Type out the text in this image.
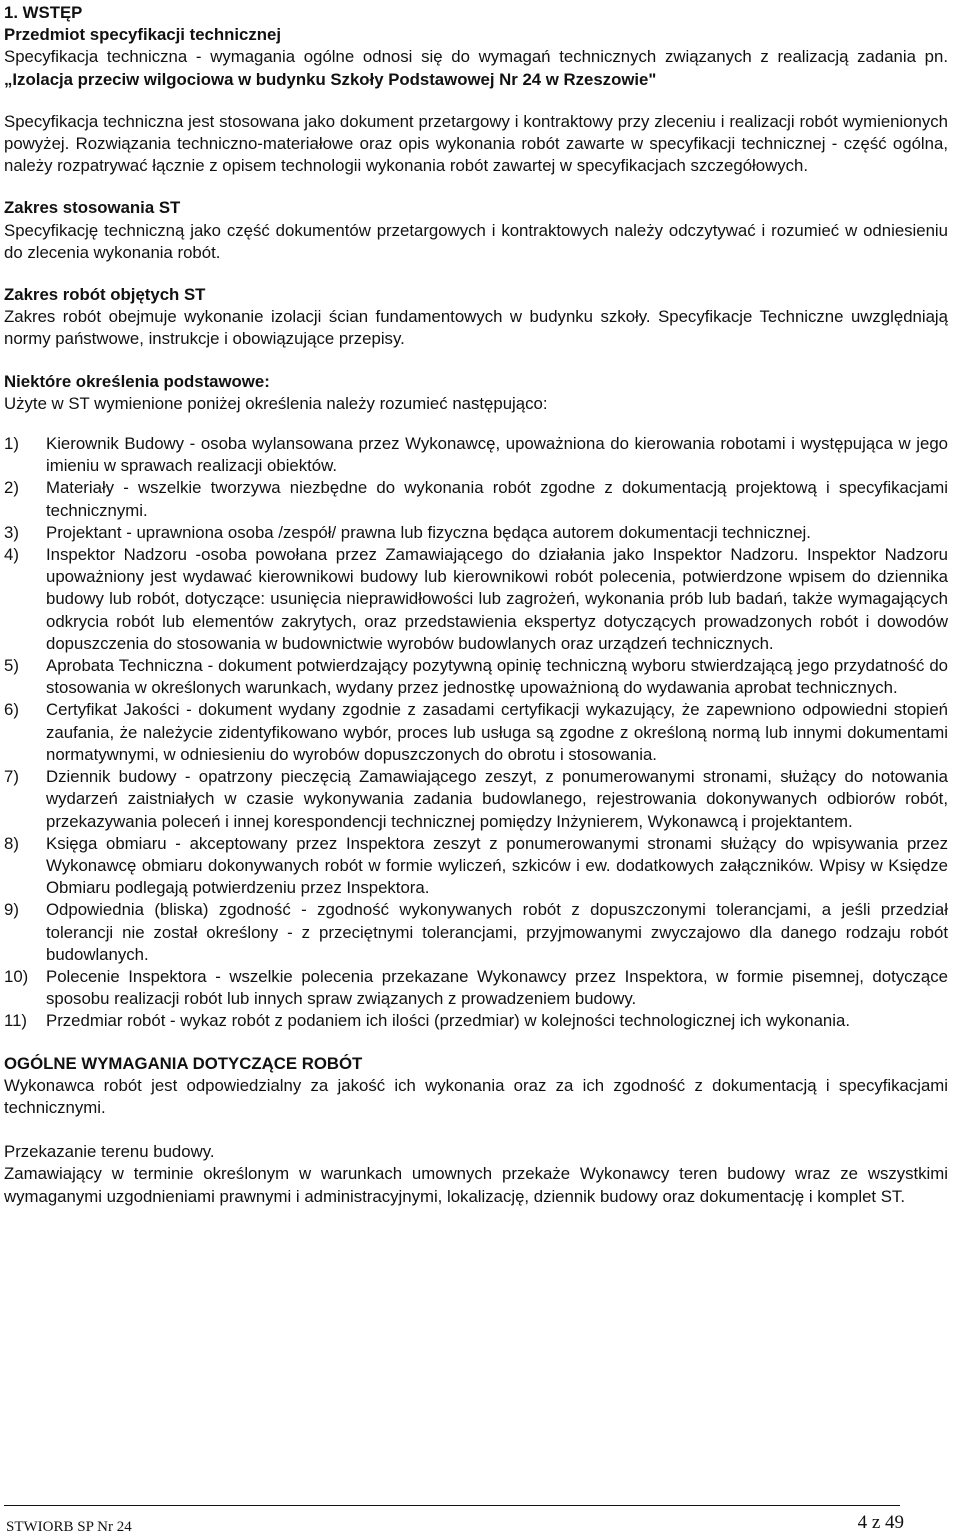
1. WSTĘP

Przedmiot specyfikacji technicznej

Specyfikacja techniczna - wymagania ogólne odnosi się do wymagań technicznych związanych z realizacją zadania pn. „Izolacja przeciw wilgociowa w budynku Szkoły Podstawowej Nr 24 w Rzeszowie"

Specyfikacja techniczna jest stosowana jako dokument przetargowy i kontraktowy przy zleceniu i realizacji robót wymienionych powyżej. Rozwiązania techniczno-materiałowe oraz opis wykonania robót zawarte w specyfikacji technicznej - część ogólna, należy rozpatrywać łącznie z opisem technologii wykonania robót zawartej w specyfikacjach szczegółowych.

Zakres stosowania ST

Specyfikację techniczną jako część dokumentów przetargowych i kontraktowych należy odczytywać i rozumieć w odniesieniu do zlecenia wykonania robót.

Zakres robót objętych ST

Zakres robót obejmuje wykonanie izolacji ścian fundamentowych w budynku szkoły. Specyfikacje Techniczne uwzględniają normy państwowe, instrukcje i obowiązujące przepisy.

Niektóre określenia podstawowe:

Użyte w ST wymienione poniżej określenia należy rozumieć następująco:

1) Kierownik Budowy - osoba wylansowana przez Wykonawcę, upoważniona do kierowania robotami i występująca w jego imieniu w sprawach realizacji obiektów.
2) Materiały - wszelkie tworzywa niezbędne do wykonania robót zgodne z dokumentacją projektową i specyfikacjami technicznymi.
3) Projektant - uprawniona osoba /zespół/ prawna lub fizyczna będąca autorem dokumentacji technicznej.
4) Inspektor Nadzoru -osoba powołana przez Zamawiającego do działania jako Inspektor Nadzoru. Inspektor Nadzoru upoważniony jest wydawać kierownikowi budowy lub kierownikowi robót polecenia, potwierdzone wpisem do dziennika budowy lub robót, dotyczące: usunięcia nieprawidłowości lub zagrożeń, wykonania prób lub badań, także wymagających odkrycia robót lub elementów zakrytych, oraz przedstawienia ekspertyz dotyczących prowadzonych robót i dowodów dopuszczenia do stosowania w budownictwie wyrobów budowlanych oraz urządzeń technicznych.
5) Aprobata Techniczna - dokument potwierdzający pozytywną opinię techniczną wyboru stwierdzającą jego przydatność do stosowania w określonych warunkach, wydany przez jednostkę upoważnioną do wydawania aprobat technicznych.
6) Certyfikat Jakości - dokument wydany zgodnie z zasadami certyfikacji wykazujący, że zapewniono odpowiedni stopień zaufania, że należycie zidentyfikowano wybór, proces lub usługa są zgodne z określoną normą lub innymi dokumentami normatywnymi, w odniesieniu do wyrobów dopuszczonych do obrotu i stosowania.
7) Dziennik budowy - opatrzony pieczęcią Zamawiającego zeszyt, z ponumerowanymi stronami, służący do notowania wydarzeń zaistniałych w czasie wykonywania zadania budowlanego, rejestrowania dokonywanych odbiorów robót, przekazywania poleceń i innej korespondencji technicznej pomiędzy Inżynierem, Wykonawcą i projektantem.
8) Księga obmiaru - akceptowany przez Inspektora zeszyt z ponumerowanymi stronami służący do wpisywania przez Wykonawcę obmiaru dokonywanych robót w formie wyliczeń, szkiców i ew. dodatkowych załączników. Wpisy w Księdze Obmiaru podlegają potwierdzeniu przez Inspektora.
9) Odpowiednia (bliska) zgodność - zgodność wykonywanych robót z dopuszczonymi tolerancjami, a jeśli przedział tolerancji nie został określony - z przeciętnymi tolerancjami, przyjmowanymi zwyczajowo dla danego rodzaju robót budowlanych.
10) Polecenie Inspektora - wszelkie polecenia przekazane Wykonawcy przez Inspektora, w formie pisemnej, dotyczące sposobu realizacji robót lub innych spraw związanych z prowadzeniem budowy.
11) Przedmiar robót - wykaz robót z podaniem ich ilości (przedmiar) w kolejności technologicznej ich wykonania.

OGÓLNE WYMAGANIA DOTYCZĄCE ROBÓT

Wykonawca robót jest odpowiedzialny za jakość ich wykonania oraz za ich zgodność z dokumentacją i specyfikacjami technicznymi.

Przekazanie terenu budowy.

Zamawiający w terminie określonym w warunkach umownych przekaże Wykonawcy teren budowy wraz ze wszystkimi wymaganymi uzgodnieniami prawnymi i administracyjnymi, lokalizację, dziennik budowy oraz dokumentację i komplet ST.

STWIORB SP Nr 24	4 z 49
